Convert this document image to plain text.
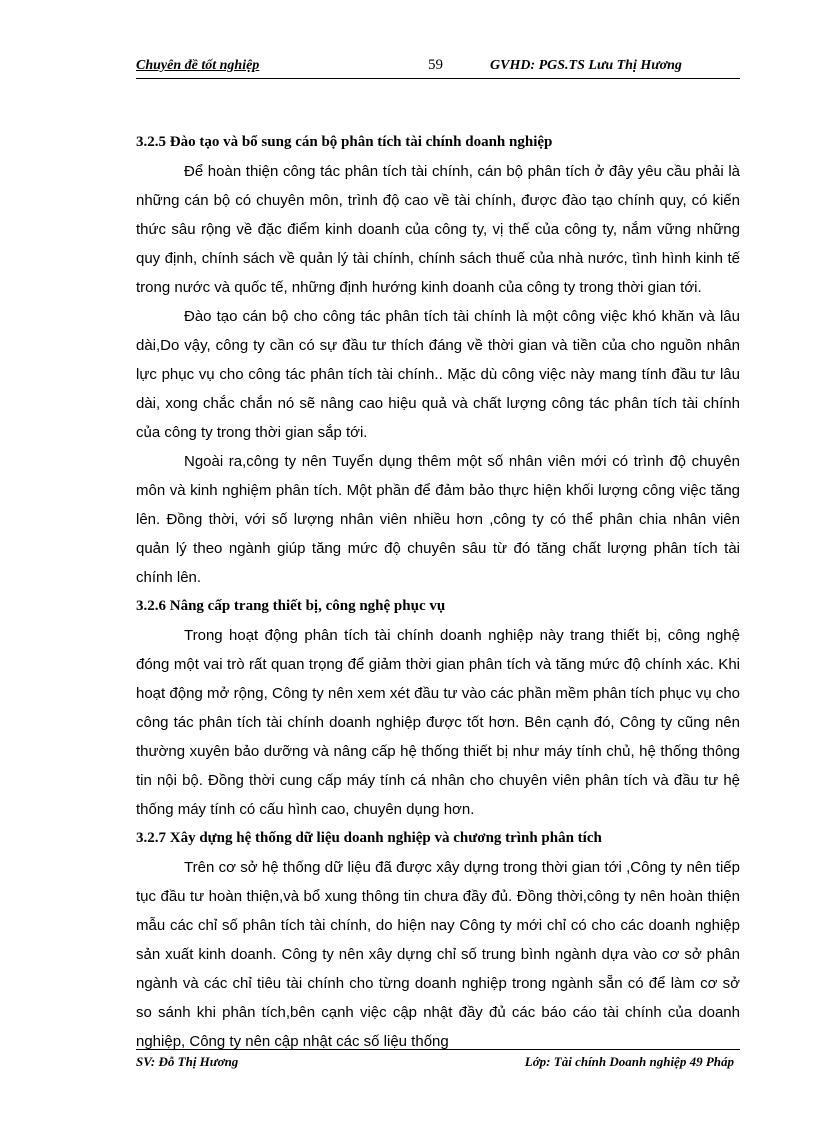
Chuyên đề tốt nghiệp	59	GVHD: PGS.TS Lưu Thị Hương
3.2.5 Đào tạo và bổ sung cán bộ phân tích tài chính doanh nghiệp

Để hoàn thiện công tác phân tích tài chính, cán bộ phân tích ở đây yêu cầu phải là những cán bộ có chuyên môn, trình độ cao về tài chính, được đào tạo chính quy, có kiến thức sâu rộng về đặc điểm kinh doanh của công ty, vị thế của công ty, nắm vững những quy định, chính sách về quản lý tài chính, chính sách thuế của nhà nước, tình hình kinh tế trong nước và quốc tế, những định hướng kinh doanh của công ty trong thời gian tới.

Đào tạo cán bộ cho công tác phân tích tài chính là một công việc khó khăn và lâu dài,Do vậy, công ty cần có sự đầu tư thích đáng về thời gian và tiền của cho nguồn nhân lực phục vụ cho công tác phân tích tài chính.. Mặc dù công việc này mang tính đầu tư lâu dài, xong chắc chắn nó sẽ nâng cao hiệu quả và chất lượng công tác phân tích tài chính của công ty trong thời gian sắp tới.

Ngoài ra,công ty nên Tuyển dụng thêm một số nhân viên mới có trình độ chuyên môn và kinh nghiệm phân tích. Một phần để đảm bảo thực hiện khối lượng công việc tăng lên. Đồng thời, với số lượng nhân viên nhiều hơn ,công ty có thể phân chia nhân viên quản lý theo ngành giúp tăng mức độ chuyên sâu từ đó tăng chất lượng phân tích tài chính lên.

3.2.6 Nâng cấp trang thiết bị, công nghệ phục vụ

Trong hoạt động phân tích tài chính doanh nghiệp này trang thiết bị, công nghệ đóng một vai trò rất quan trọng để giảm thời gian phân tích và tăng mức độ chính xác. Khi hoạt động mở rộng, Công ty nên xem xét đầu tư vào các phần mềm phân tích phục vụ cho công tác phân tích tài chính doanh nghiệp được tốt hơn. Bên cạnh đó, Công ty cũng nên thường xuyên bảo dưỡng và nâng cấp hệ thống thiết bị như máy tính chủ, hệ thống thông tin nội bộ. Đồng thời cung cấp máy tính cá nhân cho chuyên viên phân tích và đầu tư hệ thống máy tính có cấu hình cao, chuyên dụng hơn.

3.2.7 Xây dựng hệ thống dữ liệu doanh nghiệp và chương trình phân tích

Trên cơ sở hệ thống dữ liệu đã được xây dựng trong thời gian tới ,Công ty nên tiếp tục đầu tư hoàn thiện,và bổ xung thông tin chưa đầy đủ. Đồng thời,công ty nên hoàn thiện mẫu các chỉ số phân tích tài chính, do hiện nay Công ty mới chỉ có cho các doanh nghiệp sản xuất kinh doanh. Công ty nên xây dựng chỉ số trung bình ngành dựa vào cơ sở phân ngành và các chỉ tiêu tài chính cho từng doanh nghiệp trong ngành sẵn có để làm cơ sở so sánh khi phân tích,bên cạnh việc cập nhật đầy đủ các báo cáo tài chính của doanh nghiệp, Công ty nên cập nhật các số liệu thống

SV: Đỗ Thị Hương	Lớp: Tài chính Doanh nghiệp 49 Pháp
